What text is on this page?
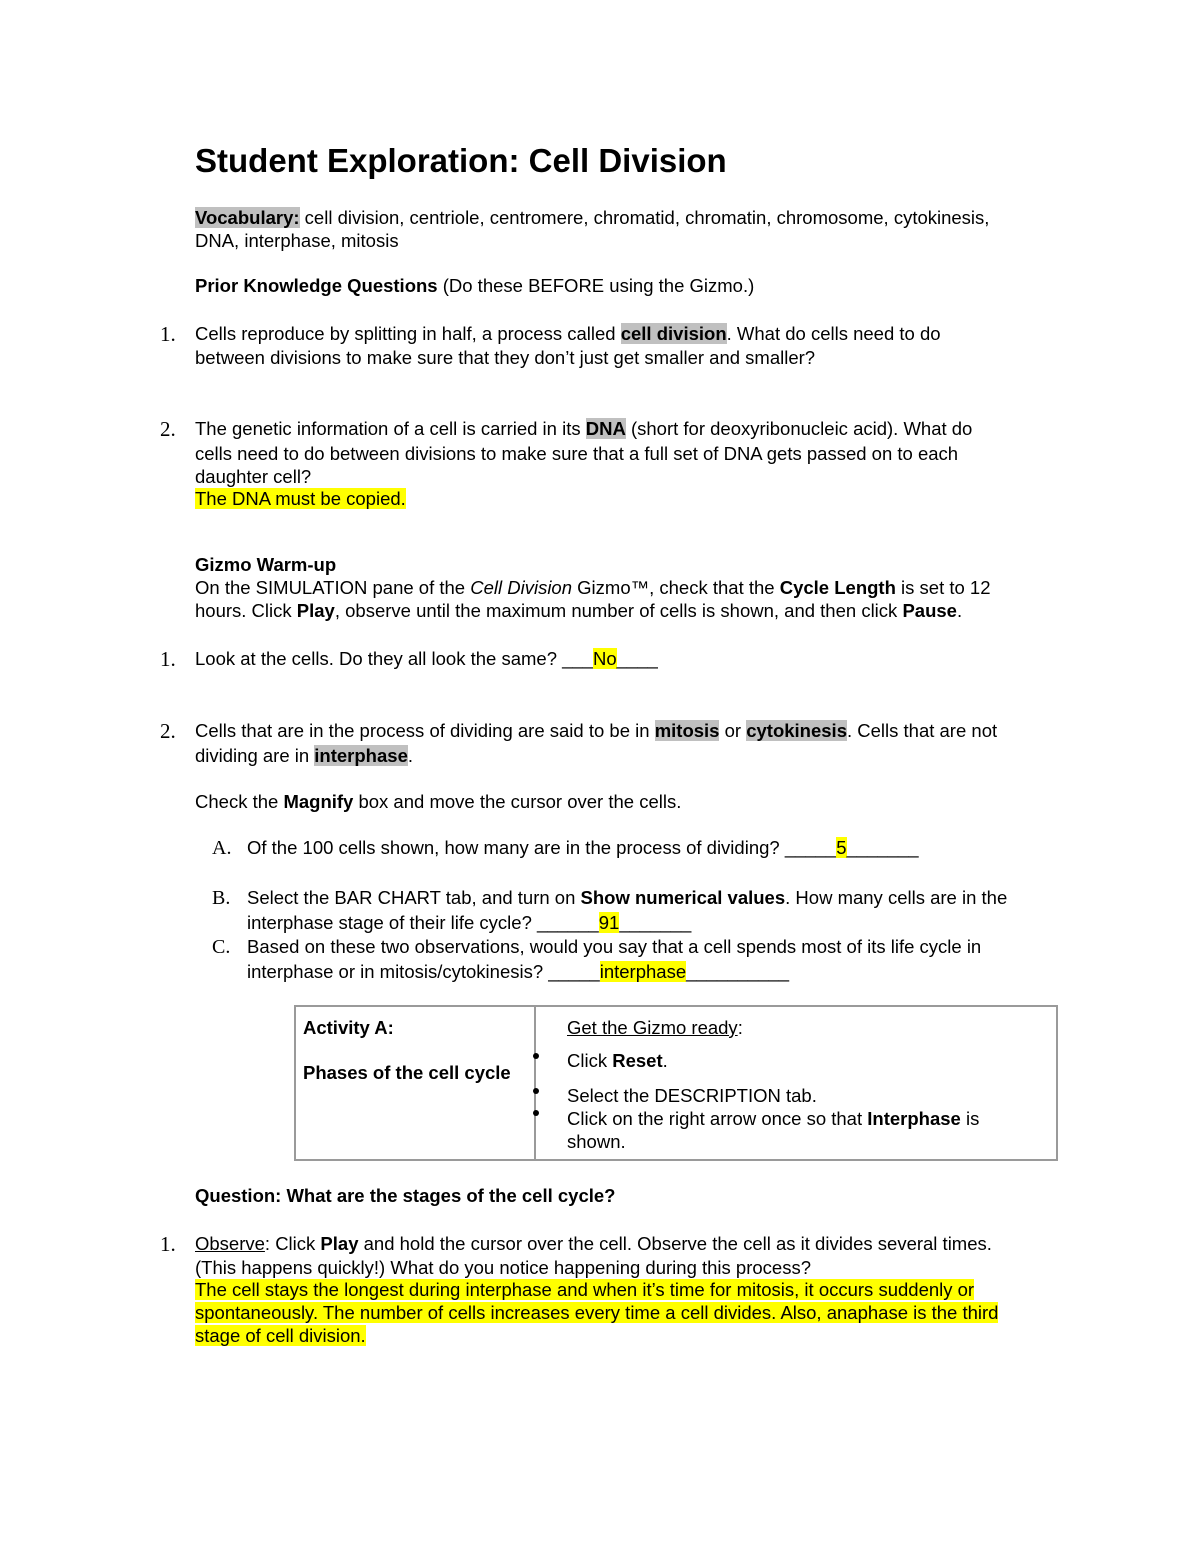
Student Exploration: Cell Division
Vocabulary: cell division, centriole, centromere, chromatid, chromatin, chromosome, cytokinesis,
DNA, interphase, mitosis
Prior Knowledge Questions (Do these BEFORE using the Gizmo.)
1. Cells reproduce by splitting in half, a process called cell division. What do cells need to do
between divisions to make sure that they don’t just get smaller and smaller?
2. The genetic information of a cell is carried in its DNA (short for deoxyribonucleic acid). What do
cells need to do between divisions to make sure that a full set of DNA gets passed on to each
daughter cell?
The DNA must be copied.
Gizmo Warm-up
On the SIMULATION pane of the Cell Division Gizmo™, check that the Cycle Length is set to 12
hours. Click Play, observe until the maximum number of cells is shown, and then click Pause.
1. Look at the cells. Do they all look the same? ___No____
2. Cells that are in the process of dividing are said to be in mitosis or cytokinesis. Cells that are not
dividing are in interphase.
Check the Magnify box and move the cursor over the cells.
A. Of the 100 cells shown, how many are in the process of dividing? _____5_______
B. Select the BAR CHART tab, and turn on Show numerical values. How many cells are in the
interphase stage of their life cycle? ______91_______
C. Based on these two observations, would you say that a cell spends most of its life cycle in
interphase or in mitosis/cytokinesis? _____interphase__________
Activity A:
Phases of the cell cycle
Get the Gizmo ready:
Click Reset.
Select the DESCRIPTION tab.
Click on the right arrow once so that Interphase is
shown.
Question: What are the stages of the cell cycle?
1. Observe: Click Play and hold the cursor over the cell. Observe the cell as it divides several times.
(This happens quickly!) What do you notice happening during this process?
The cell stays the longest during interphase and when it’s time for mitosis, it occurs suddenly or
spontaneously. The number of cells increases every time a cell divides. Also, anaphase is the third
stage of cell division.
